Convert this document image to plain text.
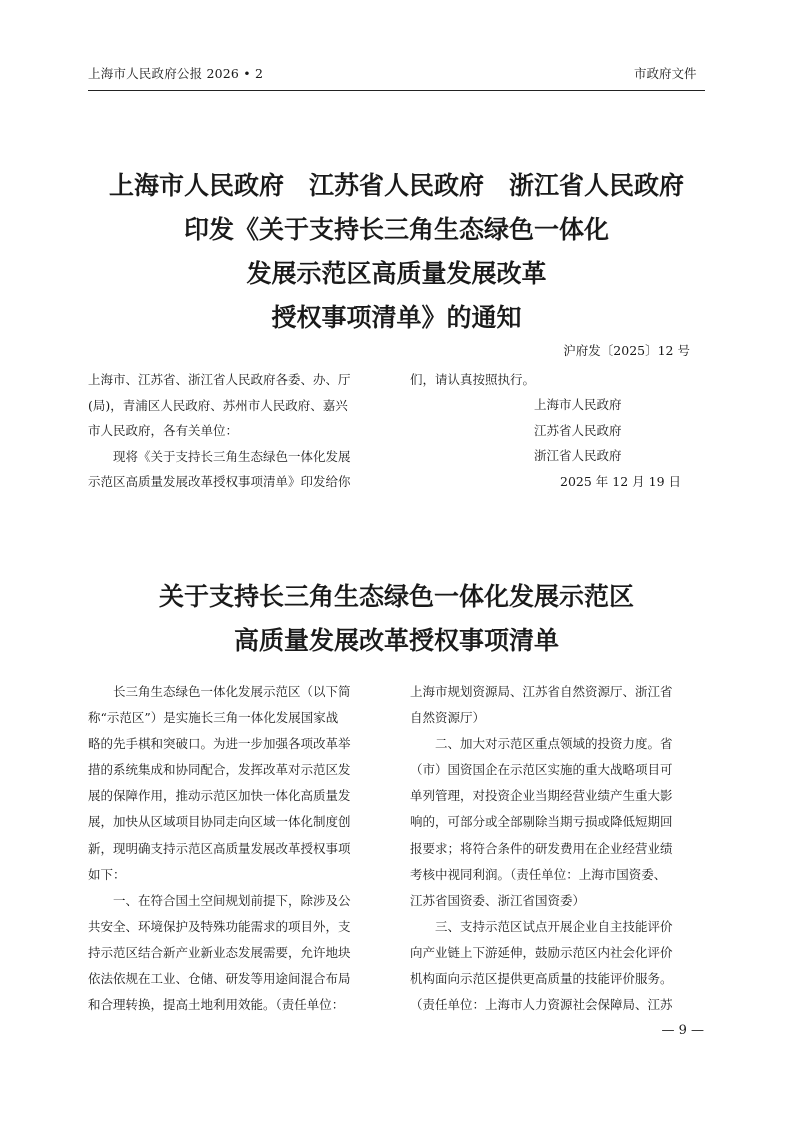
上海市人民政府公报 2026 • 2	市政府文件
上海市人民政府　江苏省人民政府　浙江省人民政府
印发《关于支持长三角生态绿色一体化
发展示范区高质量发展改革
授权事项清单》的通知
沪府发〔2025〕12 号

上海市、江苏省、浙江省人民政府各委、办、厅

(局)，青浦区人民政府、苏州市人民政府、嘉兴

市人民政府，各有关单位：

　　现将《关于支持长三角生态绿色一体化发展

示范区高质量发展改革授权事项清单》印发给你

们，请认真按照执行。

上海市人民政府

江苏省人民政府

浙江省人民政府

2025 年 12 月 19 日

关于支持长三角生态绿色一体化发展示范区
高质量发展改革授权事项清单

　　长三角生态绿色一体化发展示范区（以下简

称“示范区”）是实施长三角一体化发展国家战

略的先手棋和突破口。为进一步加强各项改革举

措的系统集成和协同配合，发挥改革对示范区发

展的保障作用，推动示范区加快一体化高质量发

展，加快从区域项目协同走向区域一体化制度创

新，现明确支持示范区高质量发展改革授权事项

如下：

　　一、在符合国土空间规划前提下，除涉及公

共安全、环境保护及特殊功能需求的项目外，支

持示范区结合新产业新业态发展需要，允许地块

依法依规在工业、仓储、研发等用途间混合布局

和合理转换，提高土地利用效能。（责任单位：

上海市规划资源局、江苏省自然资源厅、浙江省

自然资源厅）

　　二、加大对示范区重点领域的投资力度。省

（市）国资国企在示范区实施的重大战略项目可

单列管理，对投资企业当期经营业绩产生重大影

响的，可部分或全部剔除当期亏损或降低短期回

报要求；将符合条件的研发费用在企业经营业绩

考核中视同利润。（责任单位：上海市国资委、

江苏省国资委、浙江省国资委）

　　三、支持示范区试点开展企业自主技能评价

向产业链上下游延伸，鼓励示范区内社会化评价

机构面向示范区提供更高质量的技能评价服务。

（责任单位：上海市人力资源社会保障局、江苏

— 9 —
